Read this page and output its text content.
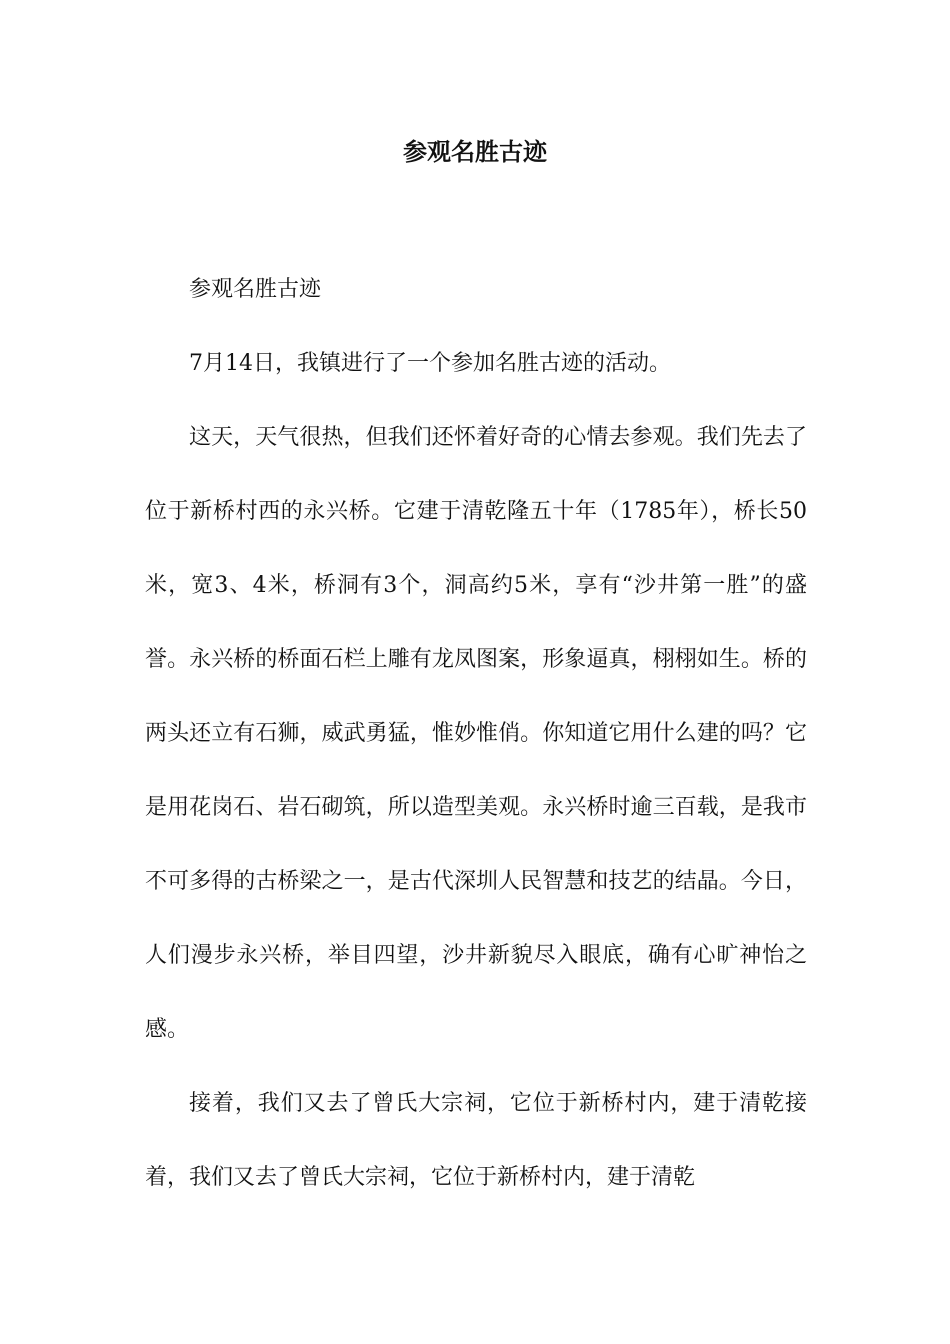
参观名胜古迹

参观名胜古迹

7月14日，我镇进行了一个参加名胜古迹的活动。

这天，天气很热，但我们还怀着好奇的心情去参观。我们先去了位于新桥村西的永兴桥。它建于清乾隆五十年（1785年），桥长50米，宽3、4米，桥洞有3个，洞高约5米，享有“沙井第一胜”的盛誉。永兴桥的桥面石栏上雕有龙凤图案，形象逼真，栩栩如生。桥的两头还立有石狮，威武勇猛，惟妙惟俏。你知道它用什么建的吗？它是用花岗石、岩石砌筑，所以造型美观。永兴桥时逾三百载，是我市不可多得的古桥梁之一，是古代深圳人民智慧和技艺的结晶。今日，人们漫步永兴桥，举目四望，沙井新貌尽入眼底，确有心旷神怡之感。

接着，我们又去了曾氏大宗祠，它位于新桥村内，建于清乾接着，我们又去了曾氏大宗祠，它位于新桥村内，建于清乾
